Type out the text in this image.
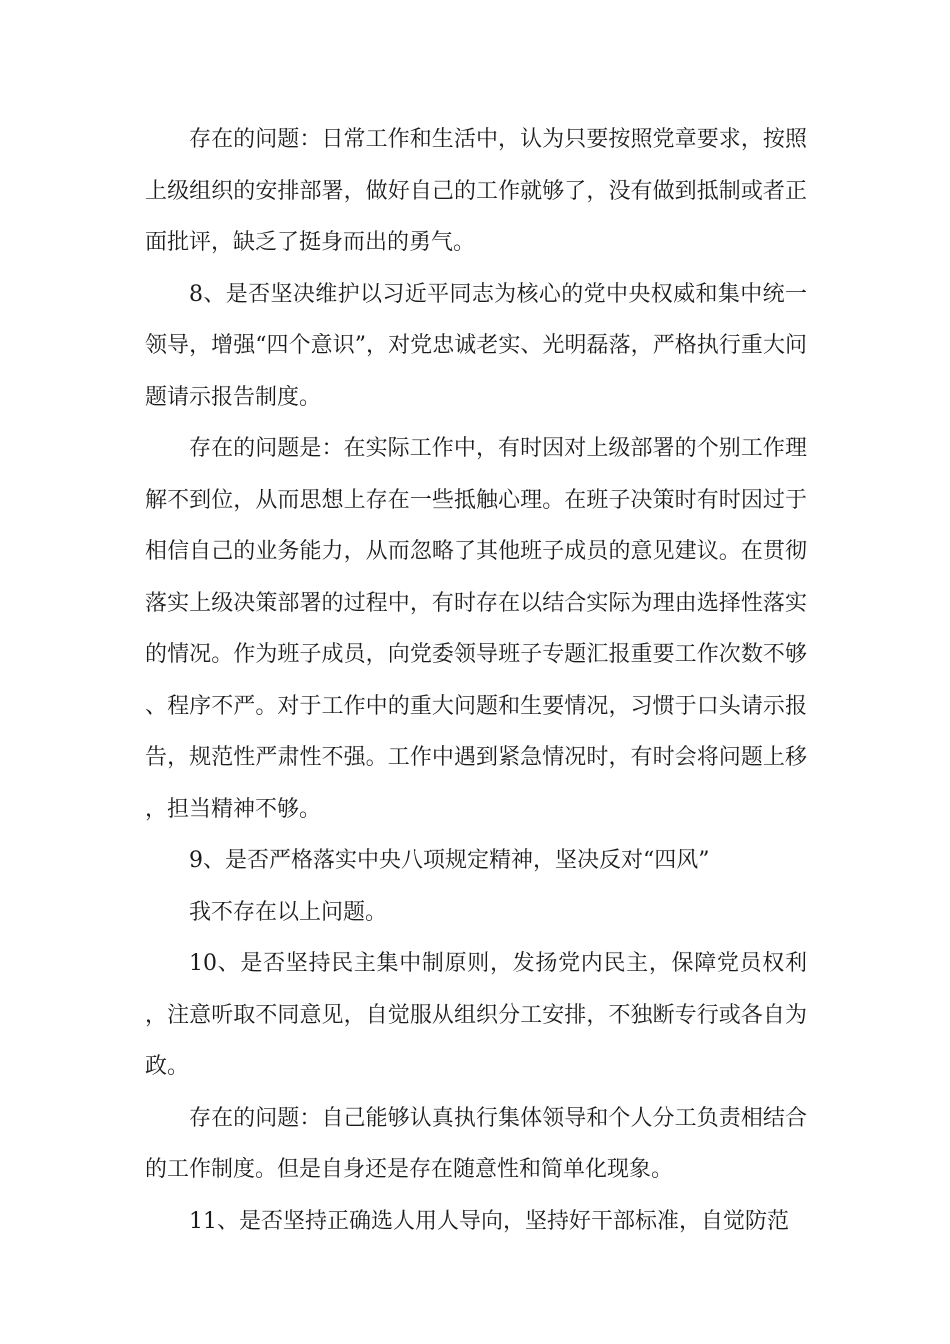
存在的问题：日常工作和生活中，认为只要按照党章要求，按照上级组织的安排部署，做好自己的工作就够了，没有做到抵制或者正面批评，缺乏了挺身而出的勇气。

8、是否坚决维护以习近平同志为核心的党中央权威和集中统一领导，增强“四个意识”，对党忠诚老实、光明磊落，严格执行重大问题请示报告制度。

存在的问题是：在实际工作中，有时因对上级部署的个别工作理解不到位，从而思想上存在一些抵触心理。在班子决策时有时因过于相信自己的业务能力，从而忽略了其他班子成员的意见建议。在贯彻落实上级决策部署的过程中，有时存在以结合实际为理由选择性落实的情况。作为班子成员，向党委领导班子专题汇报重要工作次数不够、程序不严。对于工作中的重大问题和生要情况，习惯于口头请示报告，规范性严肃性不强。工作中遇到紧急情况时，有时会将问题上移，担当精神不够。

9、是否严格落实中央八项规定精神，坚决反对“四风”

我不存在以上问题。

10、是否坚持民主集中制原则，发扬党内民主，保障党员权利，注意听取不同意见，自觉服从组织分工安排，不独断专行或各自为政。

存在的问题：自己能够认真执行集体领导和个人分工负责相结合的工作制度。但是自身还是存在随意性和简单化现象。

11、是否坚持正确选人用人导向，坚持好干部标准，自觉防范
